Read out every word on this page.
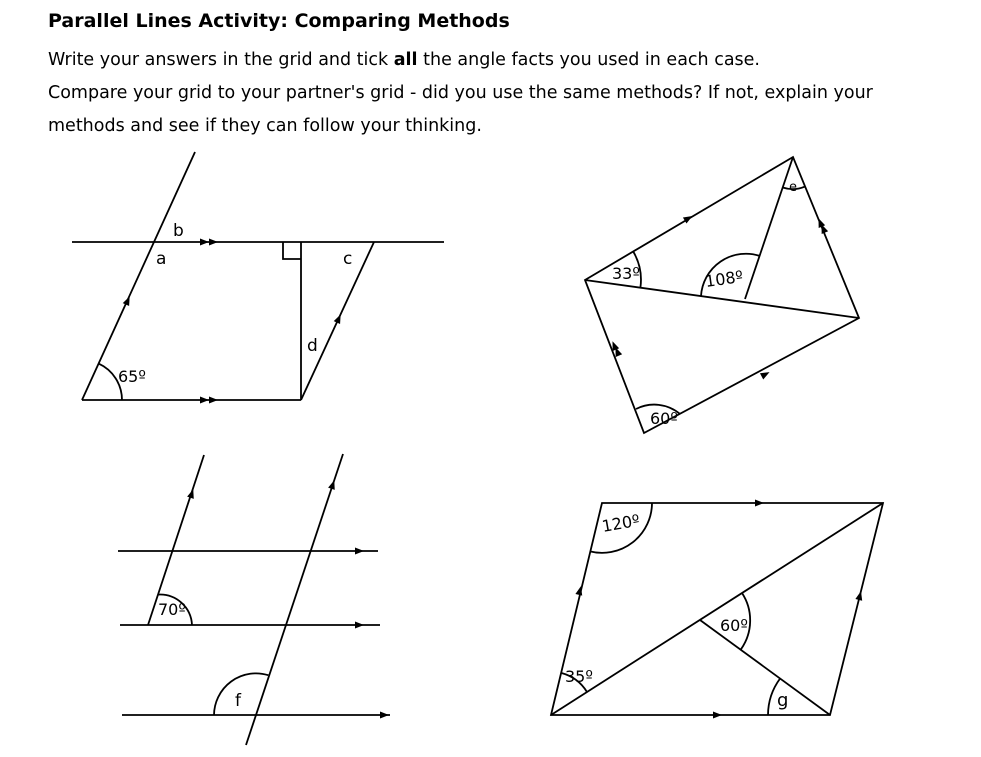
Parallel Lines Activity: Comparing Methods

Write your answers in the grid and tick all the angle facts you used in each case.

Compare your grid to your partner's grid - did you use the same methods? If not, explain your

methods and see if they can follow your thinking.

b
a	c
d
65º
33º	108º
e
60º
70º
f
120º
60º
35º
g
